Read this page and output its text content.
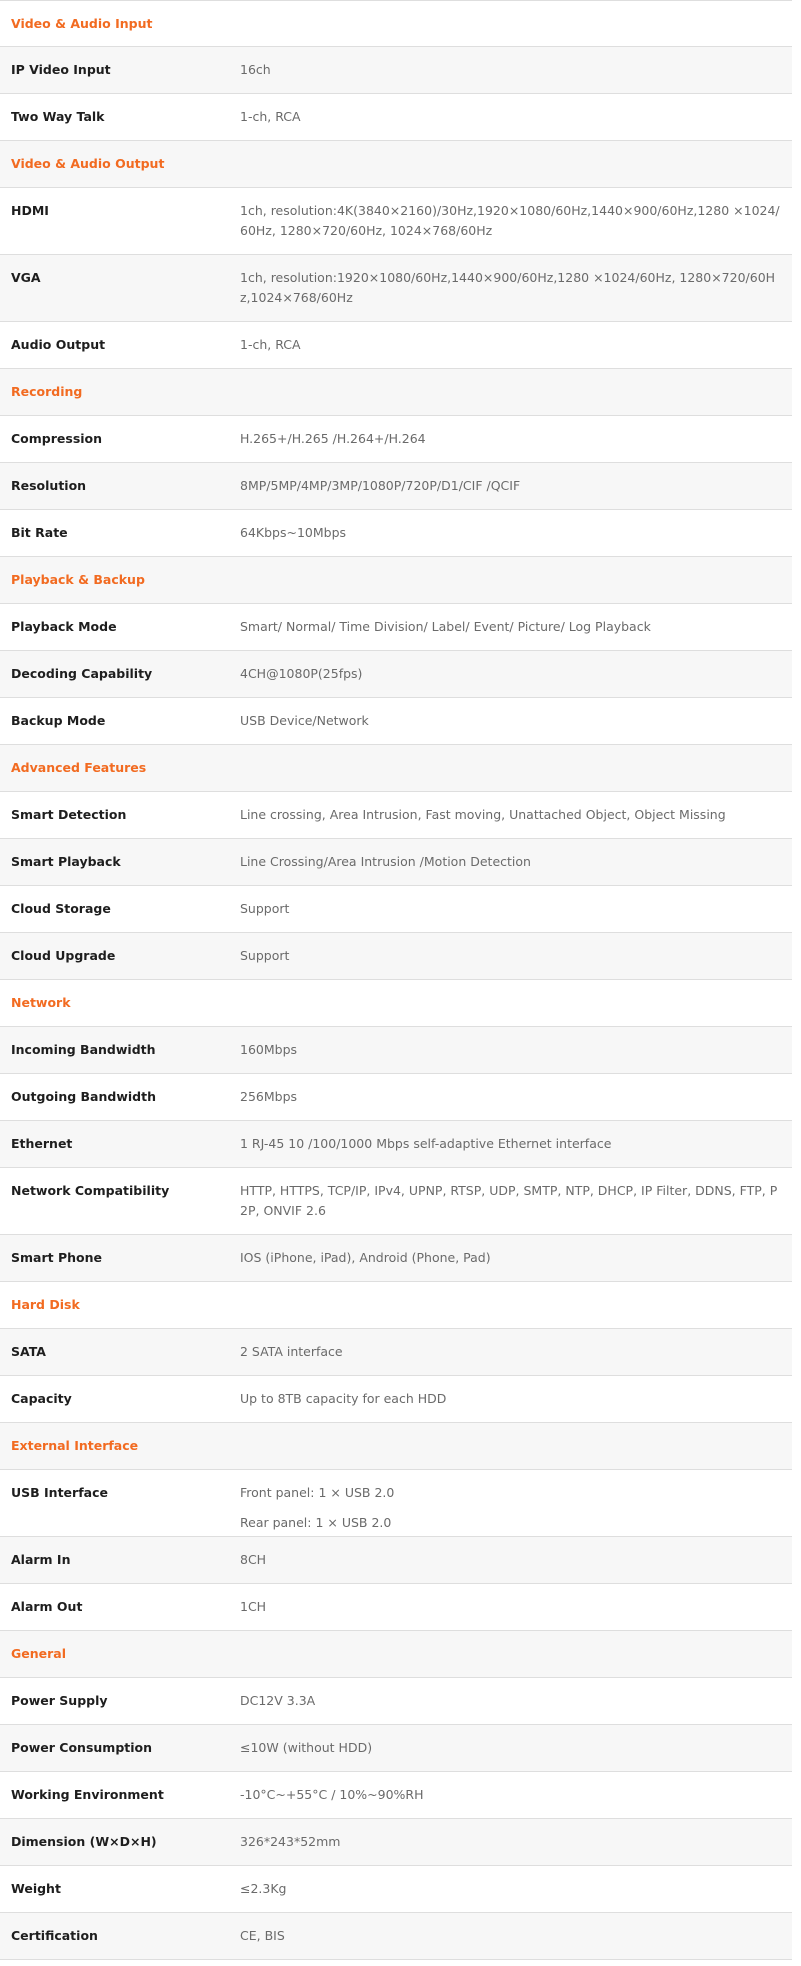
Video & Audio Input
IP Video Input	16ch
Two Way Talk	1-ch, RCA
Video & Audio Output
HDMI	1ch, resolution:4K(3840×2160)/30Hz,1920×1080/60Hz,1440×900/60Hz,1280 ×1024/60Hz, 1280×720/60Hz, 1024×768/60Hz
VGA	1ch, resolution:1920×1080/60Hz,1440×900/60Hz,1280 ×1024/60Hz, 1280×720/60Hz,1024×768/60Hz
Audio Output	1-ch, RCA
Recording
Compression	H.265+/H.265 /H.264+/H.264
Resolution	8MP/5MP/4MP/3MP/1080P/720P/D1/CIF /QCIF
Bit Rate	64Kbps~10Mbps
Playback & Backup
Playback Mode	Smart/ Normal/ Time Division/ Label/ Event/ Picture/ Log Playback
Decoding Capability	4CH@1080P(25fps)
Backup Mode	USB Device/Network
Advanced Features
Smart Detection	Line crossing, Area Intrusion, Fast moving, Unattached Object, Object Missing
Smart Playback	Line Crossing/Area Intrusion /Motion Detection
Cloud Storage	Support
Cloud Upgrade	Support
Network
Incoming Bandwidth	160Mbps
Outgoing Bandwidth	256Mbps
Ethernet	1 RJ-45 10 /100/1000 Mbps self-adaptive Ethernet interface
Network Compatibility	HTTP, HTTPS, TCP/IP, IPv4, UPNP, RTSP, UDP, SMTP, NTP, DHCP, IP Filter, DDNS, FTP, P2P, ONVIF 2.6
Smart Phone	IOS (iPhone, iPad), Android (Phone, Pad)
Hard Disk
SATA	2 SATA interface
Capacity	Up to 8TB capacity for each HDD
External Interface
USB Interface	Front panel: 1 × USB 2.0
Rear panel: 1 × USB 2.0
Alarm In	8CH
Alarm Out	1CH
General
Power Supply	DC12V 3.3A
Power Consumption	≤10W (without HDD)
Working Environment	-10°C~+55°C / 10%~90%RH
Dimension (W×D×H)	326*243*52mm
Weight	≤2.3Kg
Certification	CE, BIS
